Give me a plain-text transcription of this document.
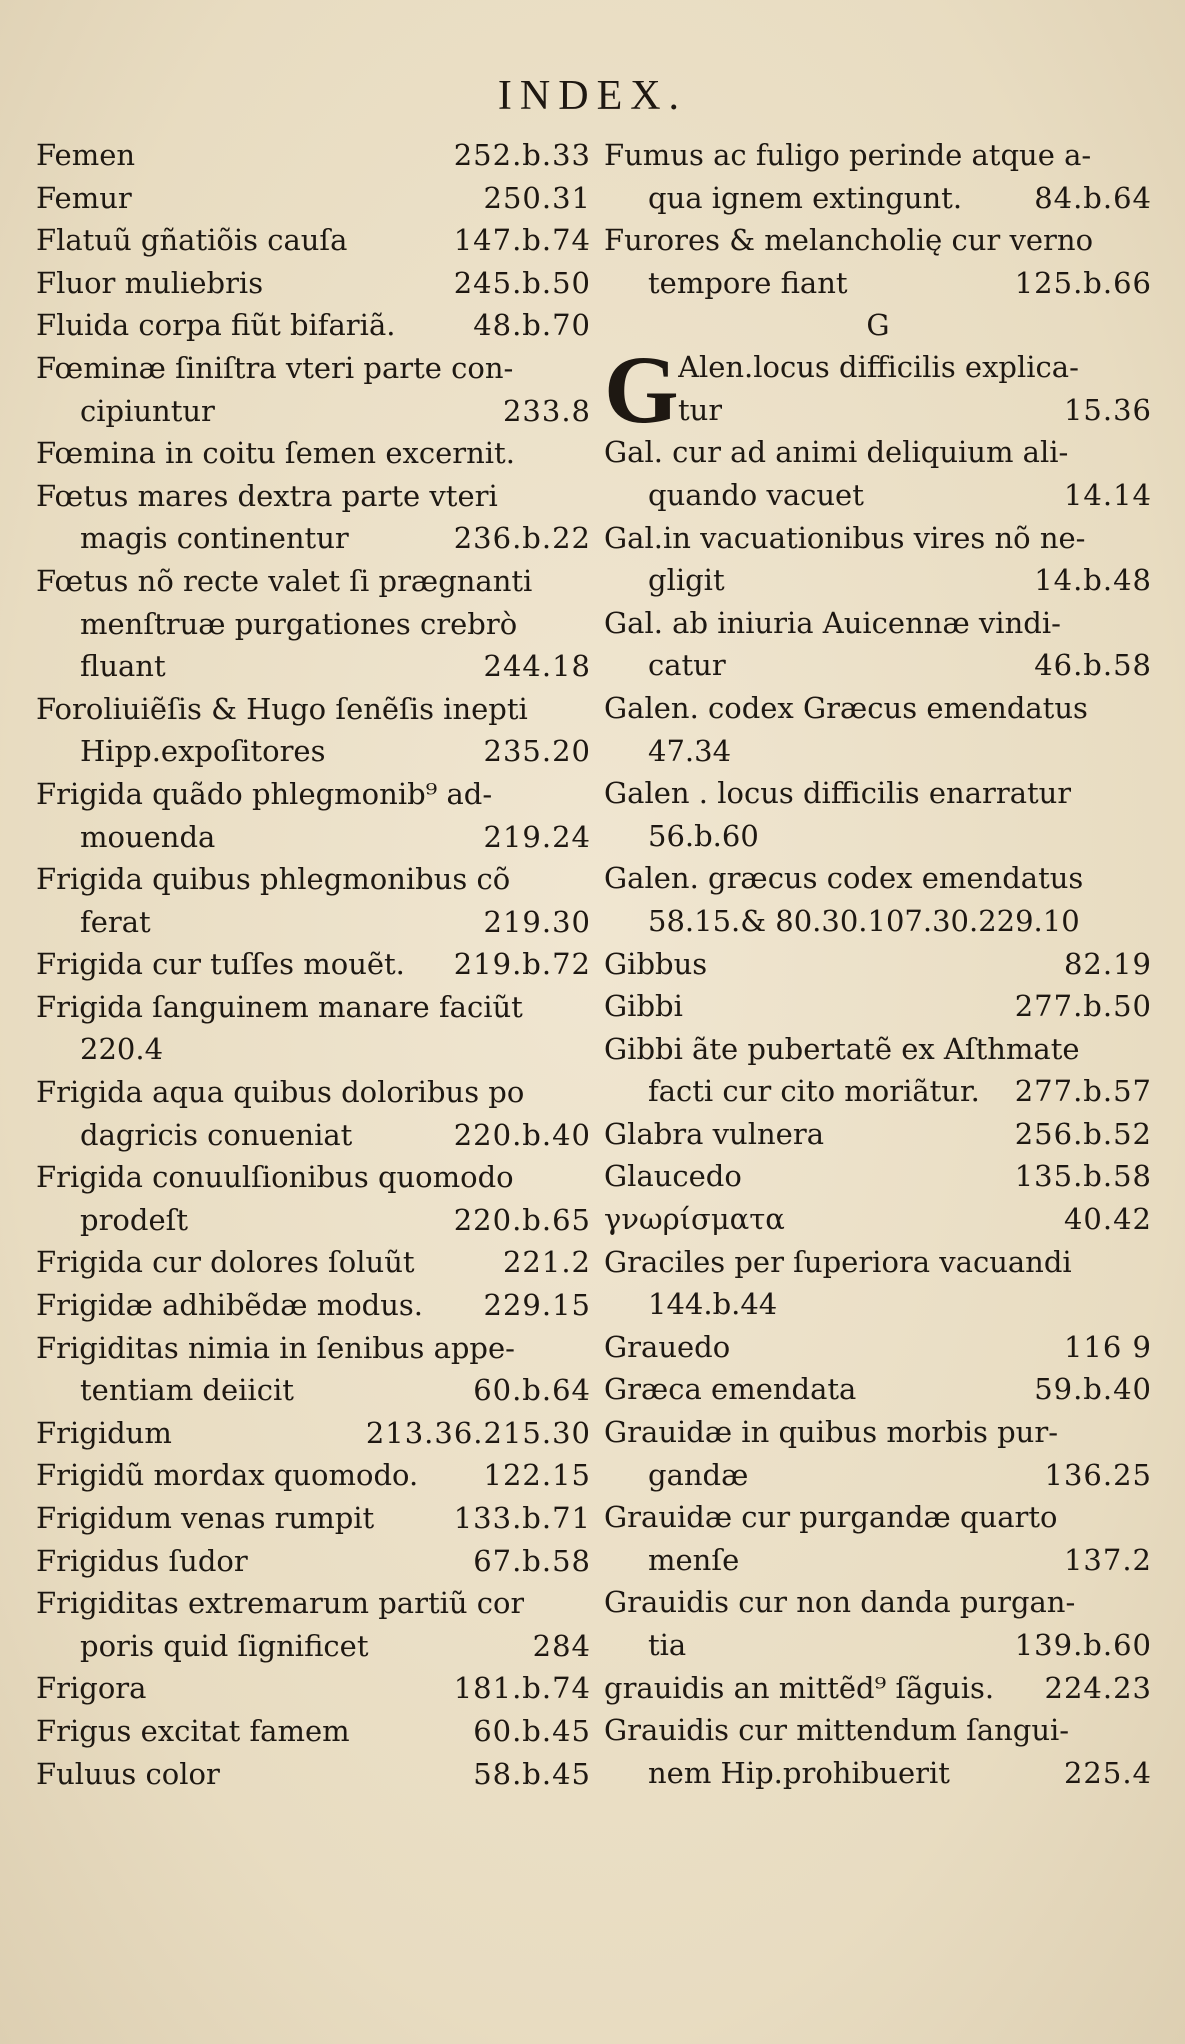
INDEX.
Femen	252.b.33
Femur	250.31
Flatuũ gñatiõis cauſa	147.b.74
Fluor muliebris	245.b.50
Fluida corpa fiũt bifariã.	48.b.70
Fœminæ ſiniſtra vteri parte con-
cipiuntur	233.8
Fœmina in coitu ſemen excernit.
Fœtus mares dextra parte vteri
magis continentur	236.b.22
Fœtus nõ recte valet ſi prægnanti
menſtruæ purgationes crebrò
fluant	244.18
Foroliuiẽſis & Hugo ſenẽſis inepti
Hipp.expoſitores	235.20
Frigida quãdo phlegmonib⁹ ad-
mouenda	219.24
Frigida quibus phlegmonibus cõ
ferat	219.30
Frigida cur tuſſes mouẽt.	219.b.72
Frigida ſanguinem manare faciũt
220.4
Frigida aqua quibus doloribus po
dagricis conueniat	220.b.40
Frigida conuulſionibus quomodo
prodeſt	220.b.65
Frigida cur dolores ſoluũt	221.2
Frigidæ adhibẽdæ modus.	229.15
Frigiditas nimia in ſenibus appe-
tentiam deiicit	60.b.64
Frigidum	213.36.215.30
Frigidũ mordax quomodo.	122.15
Frigidum venas rumpit	133.b.71
Frigidus ſudor	67.b.58
Frigiditas extremarum partiũ cor
poris quid ſignificet	284
Frigora	181.b.74
Frigus excitat famem	60.b.45
Fuluus color	58.b.45
Fumus ac fuligo perinde atque a-
qua ignem extingunt.	84.b.64
Furores & melancholię cur verno
tempore fiant	125.b.66
G
G Alen.locus difficilis explica-
tur	15.36
Gal. cur ad animi deliquium ali-
quando vacuet	14.14
Gal.in vacuationibus vires nõ ne-
gligit	14.b.48
Gal. ab iniuria Auicennæ vindi-
catur	46.b.58
Galen. codex Græcus emendatus
47.34
Galen . locus difficilis enarratur
56.b.60
Galen. græcus codex emendatus
58.15.& 80.30.107.30.229.10
Gibbus	82.19
Gibbi	277.b.50
Gibbi ãte pubertatẽ ex Aſthmate
facti cur cito moriãtur.	277.b.57
Glabra vulnera	256.b.52
Glaucedo	135.b.58
γνωρίσματα	40.42
Graciles per ſuperiora vacuandi
144.b.44
Grauedo	116 9
Græca emendata	59.b.40
Grauidæ in quibus morbis pur-
gandæ	136.25
Grauidæ cur purgandæ quarto
menſe	137.2
Grauidis cur non danda purgan-
tia	139.b.60
grauidis an mittẽd⁹ ſãguis.	224.23
Grauidis cur mittendum ſangui-
nem Hip.prohibuerit	225.4
